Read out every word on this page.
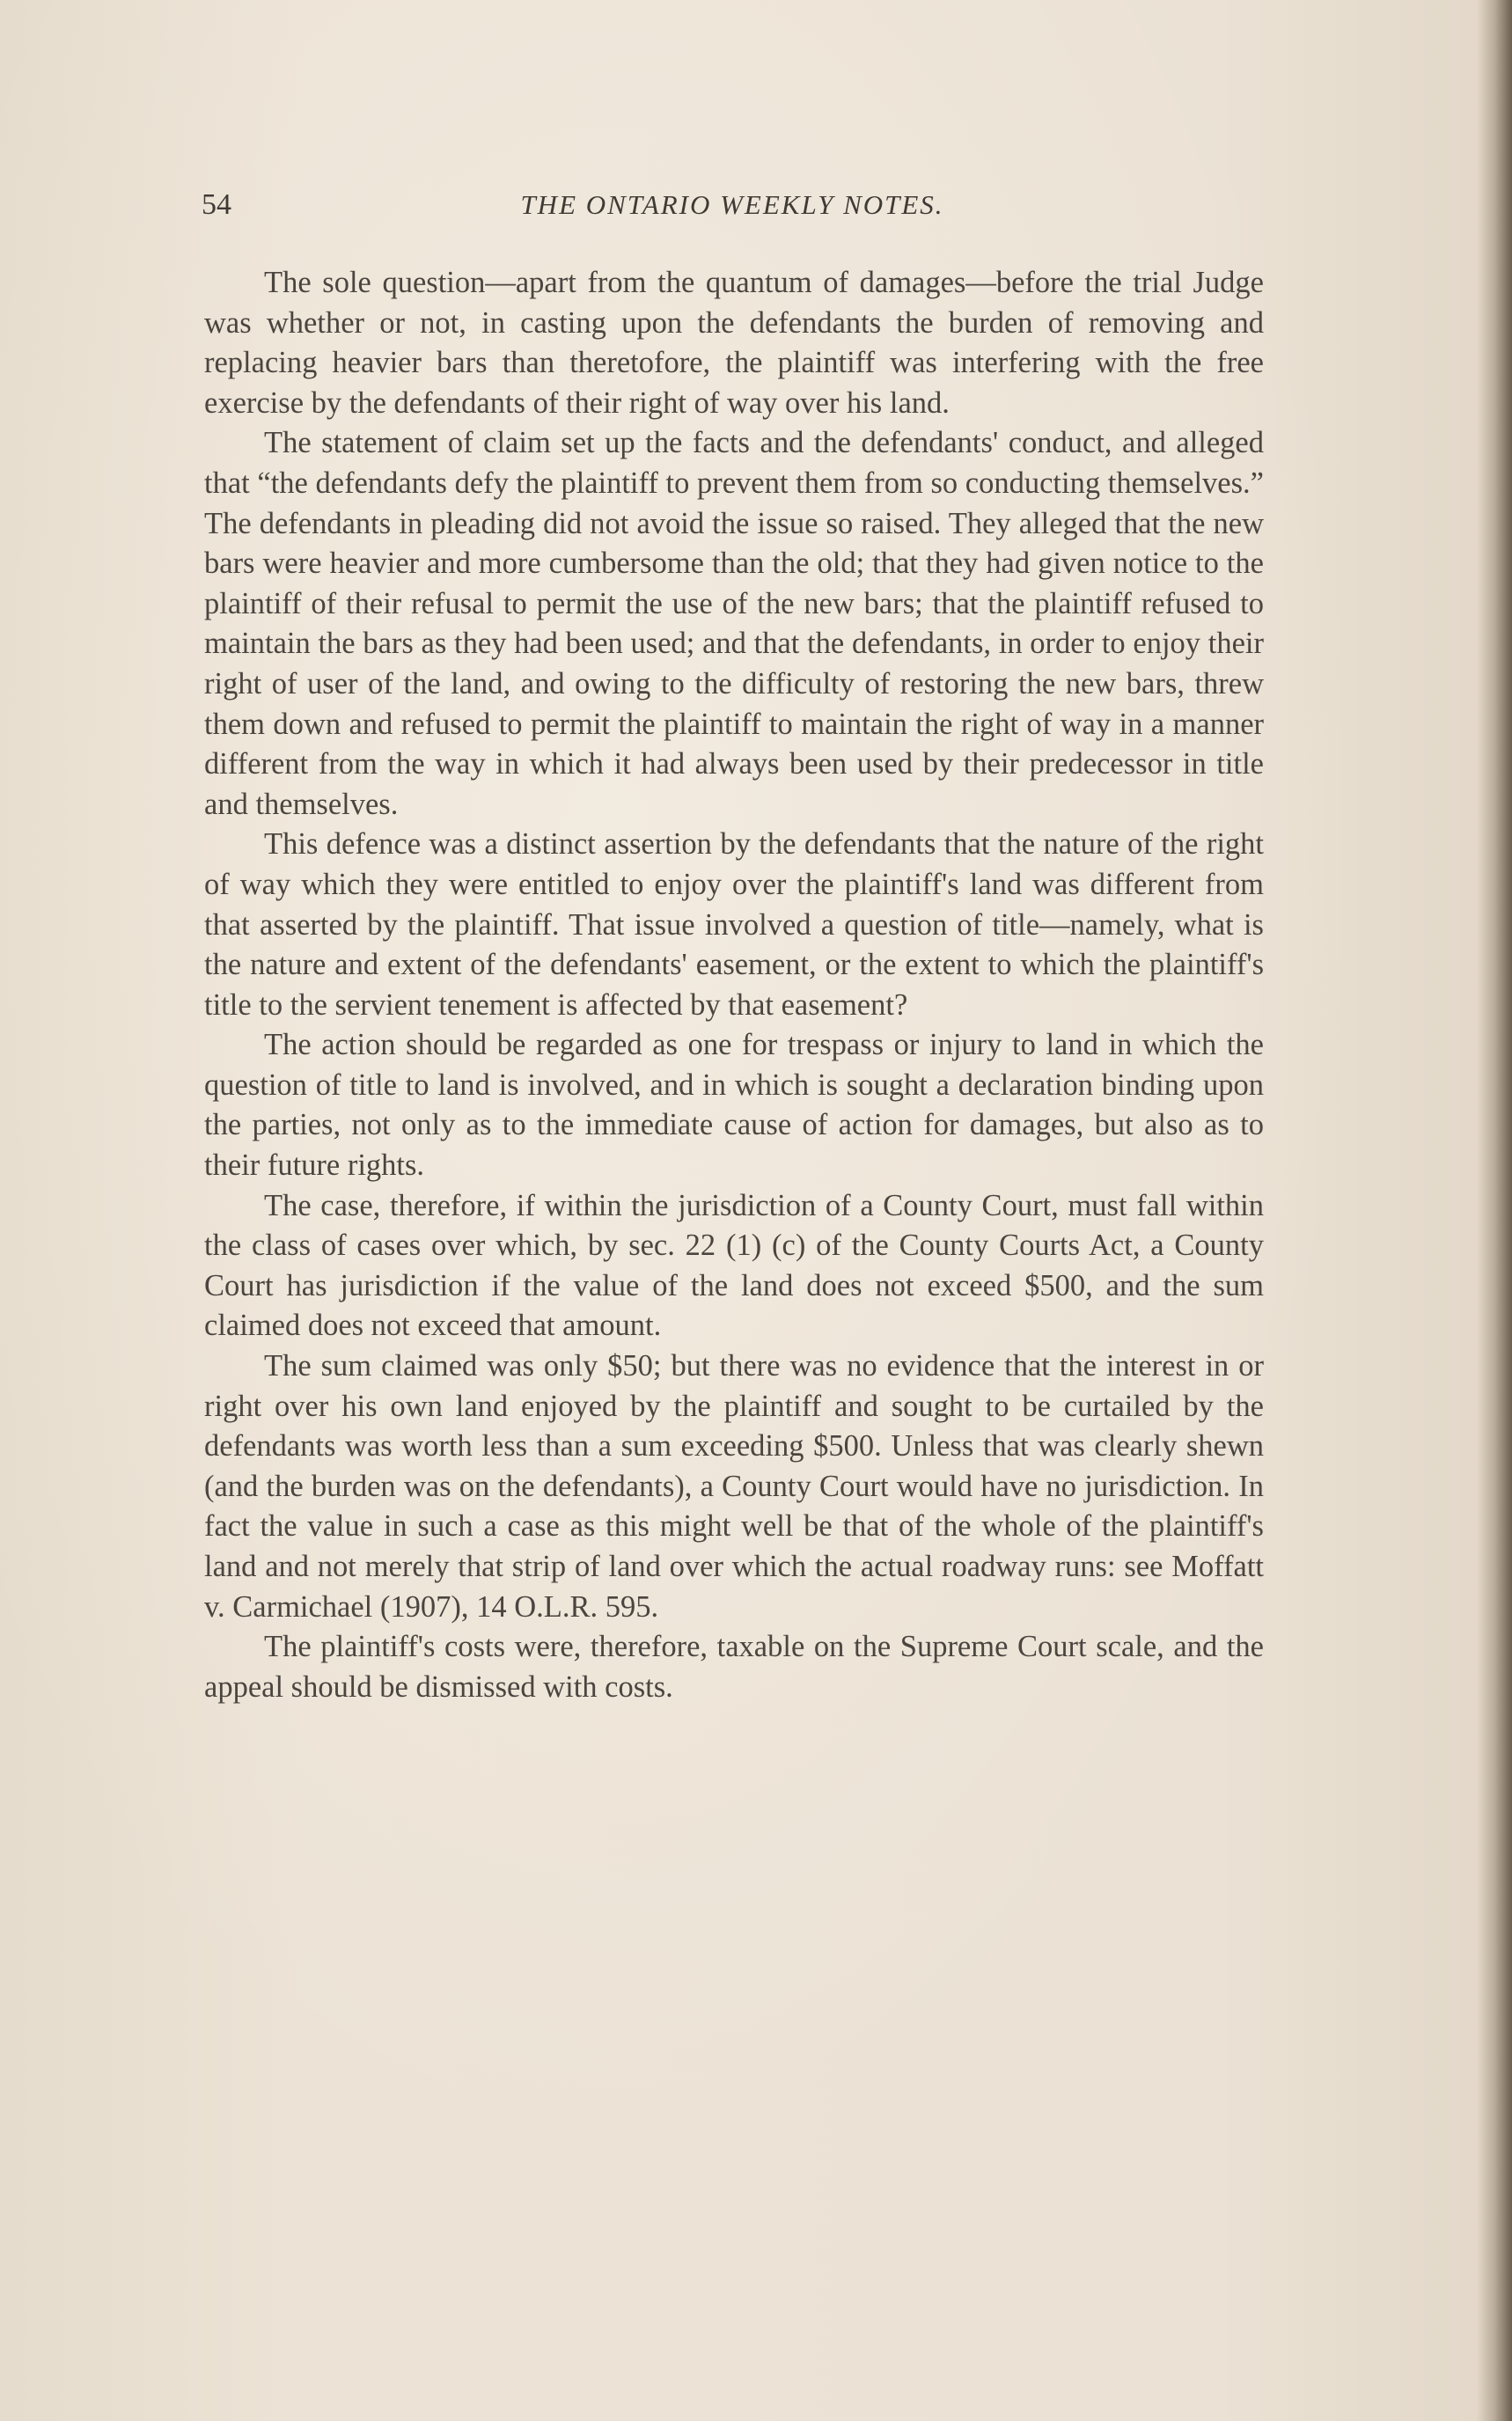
54	THE ONTARIO WEEKLY NOTES.

The sole question—apart from the quantum of damages—before the trial Judge was whether or not, in casting upon the defendants the burden of removing and replacing heavier bars than theretofore, the plaintiff was interfering with the free exercise by the defendants of their right of way over his land.

The statement of claim set up the facts and the defendants' conduct, and alleged that “the defendants defy the plaintiff to prevent them from so conducting themselves.” The defendants in pleading did not avoid the issue so raised. They alleged that the new bars were heavier and more cumbersome than the old; that they had given notice to the plaintiff of their refusal to permit the use of the new bars; that the plaintiff refused to maintain the bars as they had been used; and that the defendants, in order to enjoy their right of user of the land, and owing to the difficulty of restoring the new bars, threw them down and refused to permit the plaintiff to maintain the right of way in a manner different from the way in which it had always been used by their predecessor in title and themselves.

This defence was a distinct assertion by the defendants that the nature of the right of way which they were entitled to enjoy over the plaintiff's land was different from that asserted by the plaintiff. That issue involved a question of title—namely, what is the nature and extent of the defendants' easement, or the extent to which the plaintiff's title to the servient tenement is affected by that easement?

The action should be regarded as one for trespass or injury to land in which the question of title to land is involved, and in which is sought a declaration binding upon the parties, not only as to the immediate cause of action for damages, but also as to their future rights.

The case, therefore, if within the jurisdiction of a County Court, must fall within the class of cases over which, by sec. 22 (1) (c) of the County Courts Act, a County Court has jurisdiction if the value of the land does not exceed $500, and the sum claimed does not exceed that amount.

The sum claimed was only $50; but there was no evidence that the interest in or right over his own land enjoyed by the plaintiff and sought to be curtailed by the defendants was worth less than a sum exceeding $500. Unless that was clearly shewn (and the burden was on the defendants), a County Court would have no jurisdiction. In fact the value in such a case as this might well be that of the whole of the plaintiff's land and not merely that strip of land over which the actual roadway runs: see Moffatt v. Carmichael (1907), 14 O.L.R. 595.

The plaintiff's costs were, therefore, taxable on the Supreme Court scale, and the appeal should be dismissed with costs.
